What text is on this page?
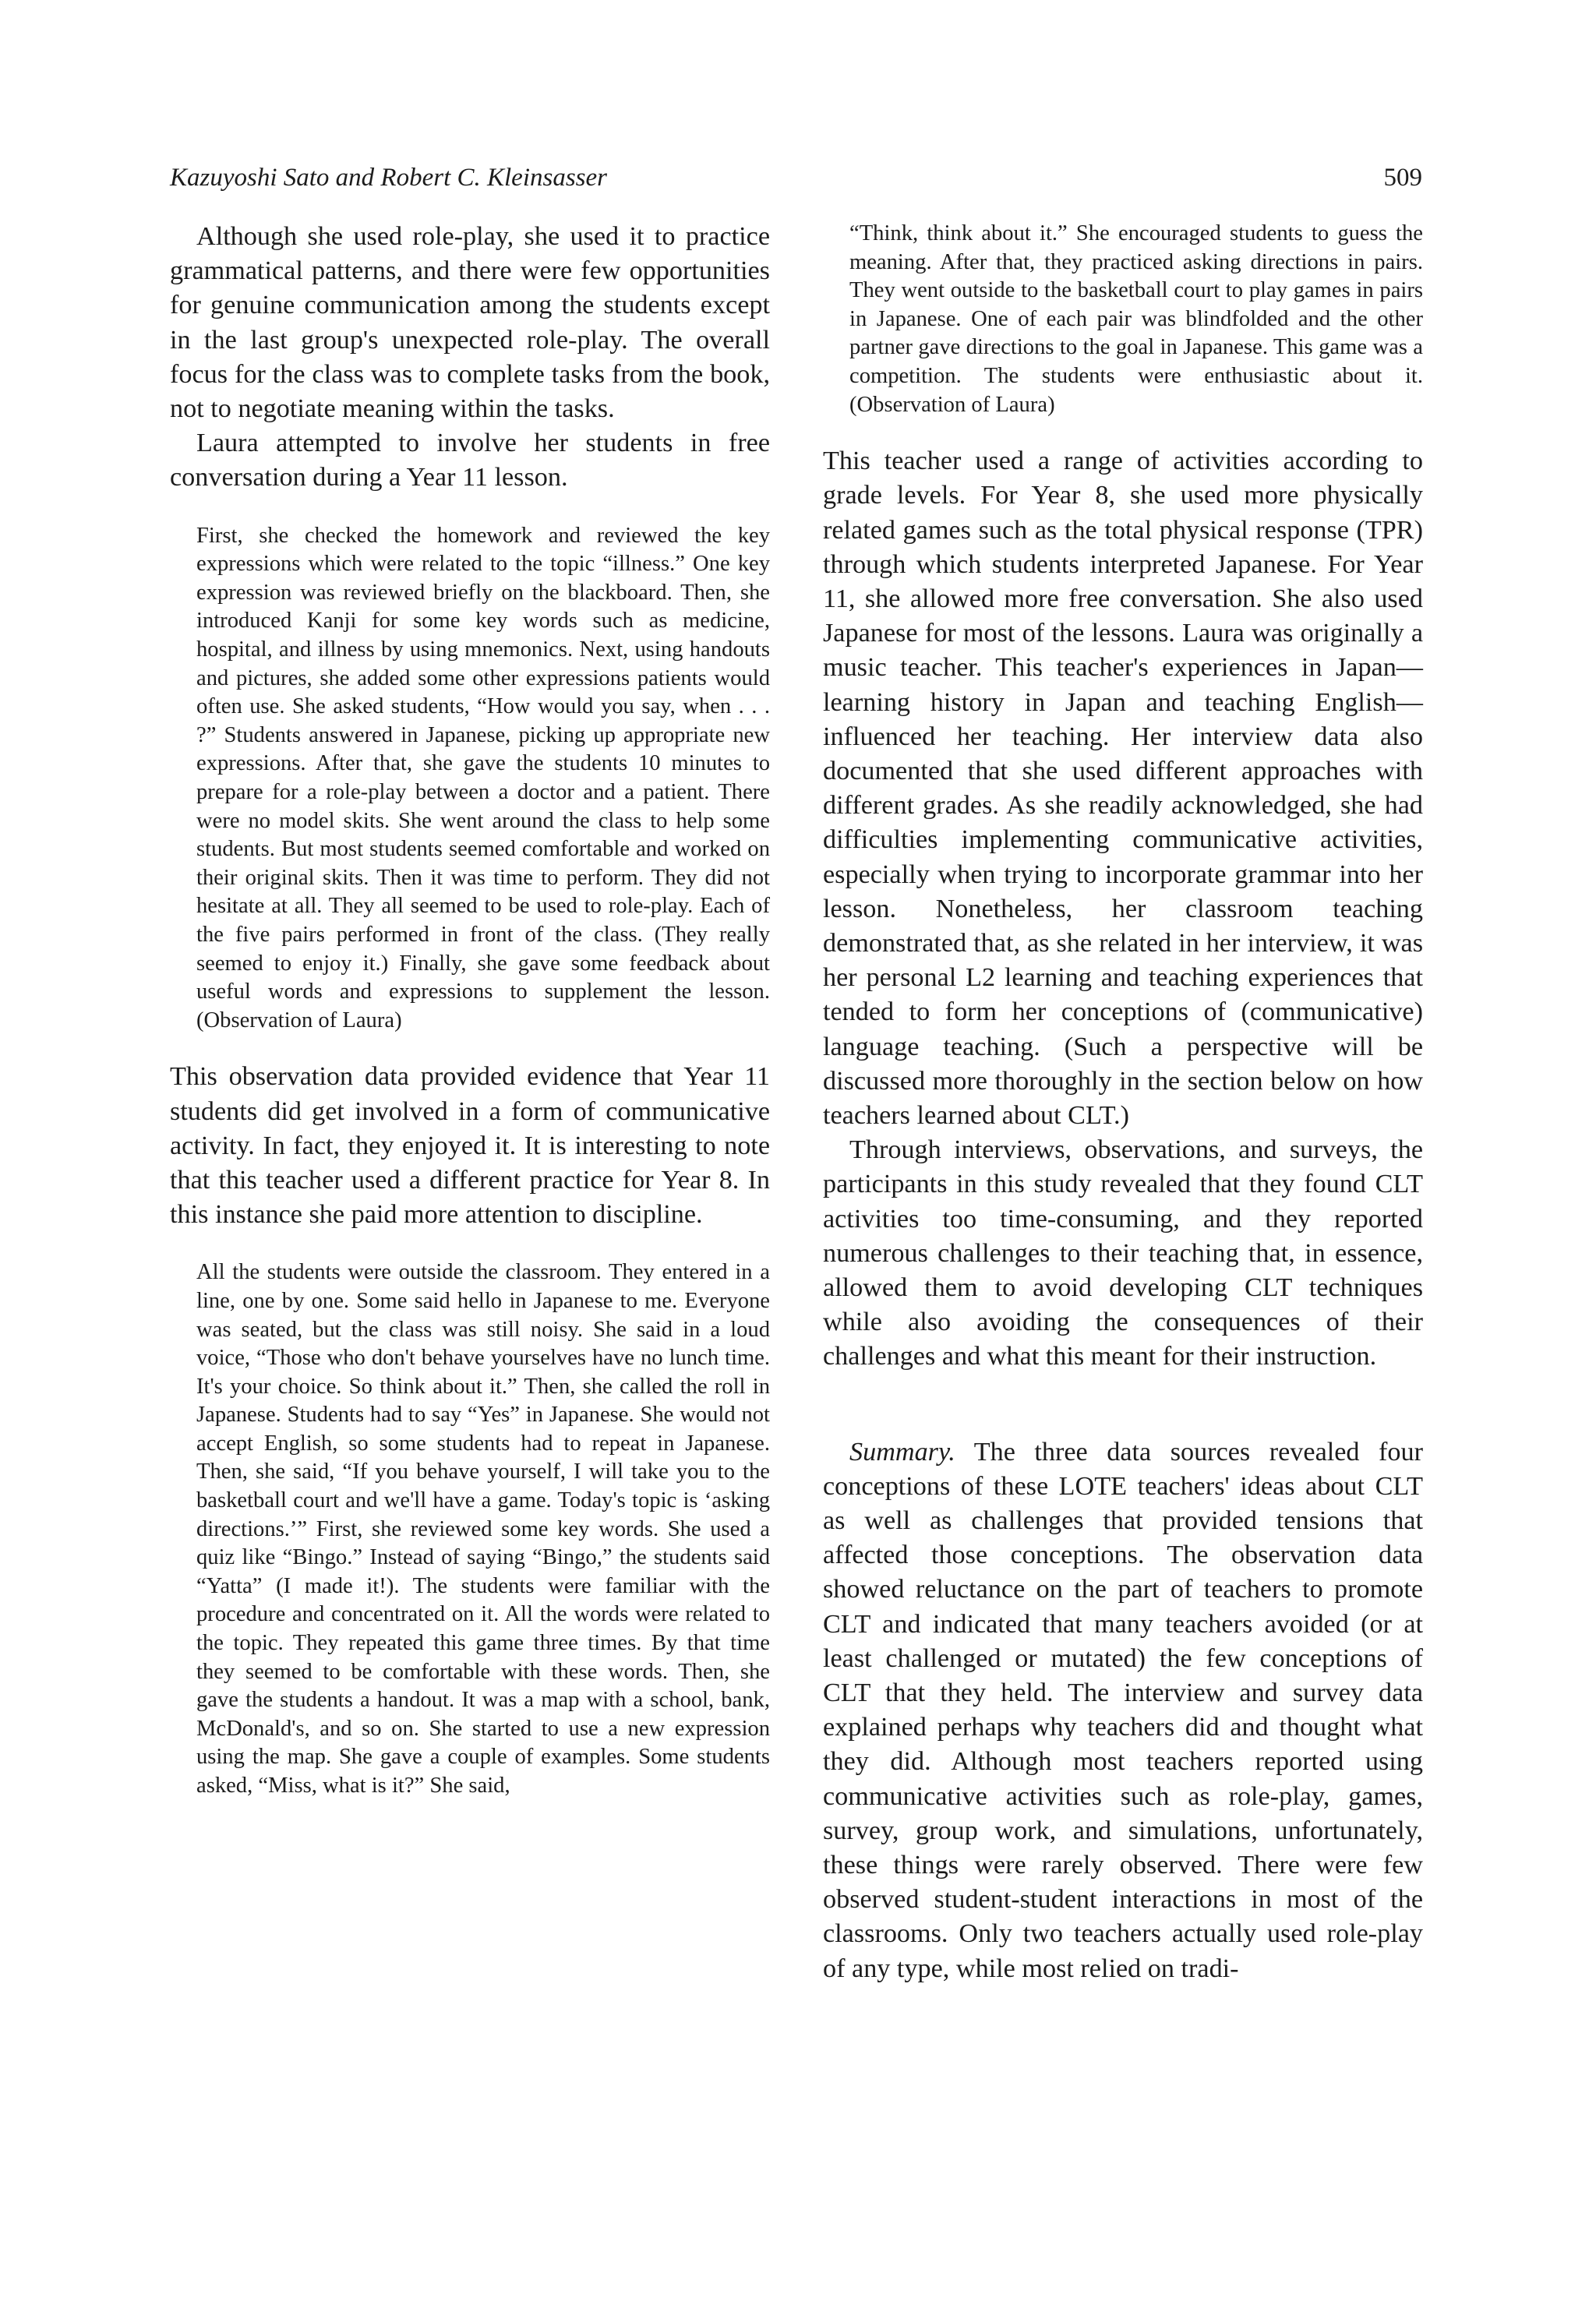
Kazuyoshi Sato and Robert C. Kleinsasser	509

Although she used role-play, she used it to practice grammatical patterns, and there were few opportunities for genuine communication among the students except in the last group's unexpected role-play. The overall focus for the class was to complete tasks from the book, not to negotiate meaning within the tasks.

Laura attempted to involve her students in free conversation during a Year 11 lesson.

First, she checked the homework and reviewed the key expressions which were related to the topic “illness.” One key expression was reviewed briefly on the blackboard. Then, she introduced Kanji for some key words such as medicine, hospital, and illness by using mnemonics. Next, using handouts and pictures, she added some other expressions patients would often use. She asked students, “How would you say, when . . . ?” Students answered in Japanese, picking up appropriate new expressions. After that, she gave the students 10 minutes to prepare for a role-play between a doctor and a patient. There were no model skits. She went around the class to help some students. But most students seemed comfortable and worked on their original skits. Then it was time to perform. They did not hesitate at all. They all seemed to be used to role-play. Each of the five pairs performed in front of the class. (They really seemed to enjoy it.) Finally, she gave some feedback about useful words and expressions to supplement the lesson. (Observation of Laura)

This observation data provided evidence that Year 11 students did get involved in a form of communicative activity. In fact, they enjoyed it. It is interesting to note that this teacher used a different practice for Year 8. In this instance she paid more attention to discipline.

All the students were outside the classroom. They entered in a line, one by one. Some said hello in Japanese to me. Everyone was seated, but the class was still noisy. She said in a loud voice, “Those who don't behave yourselves have no lunch time. It's your choice. So think about it.” Then, she called the roll in Japanese. Students had to say “Yes” in Japanese. She would not accept English, so some students had to repeat in Japanese. Then, she said, “If you behave yourself, I will take you to the basketball court and we'll have a game. Today's topic is ‘asking directions.’” First, she reviewed some key words. She used a quiz like “Bingo.” Instead of saying “Bingo,” the students said “Yatta” (I made it!). The students were familiar with the procedure and concentrated on it. All the words were related to the topic. They repeated this game three times. By that time they seemed to be comfortable with these words. Then, she gave the students a handout. It was a map with a school, bank, McDonald's, and so on. She started to use a new expression using the map. She gave a couple of examples. Some students asked, “Miss, what is it?” She said,

“Think, think about it.” She encouraged students to guess the meaning. After that, they practiced asking directions in pairs. They went outside to the basketball court to play games in pairs in Japanese. One of each pair was blindfolded and the other partner gave directions to the goal in Japanese. This game was a competition. The students were enthusiastic about it. (Observation of Laura)

This teacher used a range of activities according to grade levels. For Year 8, she used more physically related games such as the total physical response (TPR) through which students interpreted Japanese. For Year 11, she allowed more free conversation. She also used Japanese for most of the lessons. Laura was originally a music teacher. This teacher's experiences in Japan—learning history in Japan and teaching English—influenced her teaching. Her interview data also documented that she used different approaches with different grades. As she readily acknowledged, she had difficulties implementing communicative activities, especially when trying to incorporate grammar into her lesson. Nonetheless, her classroom teaching demonstrated that, as she related in her interview, it was her personal L2 learning and teaching experiences that tended to form her conceptions of (communicative) language teaching. (Such a perspective will be discussed more thoroughly in the section below on how teachers learned about CLT.)

Through interviews, observations, and surveys, the participants in this study revealed that they found CLT activities too time-consuming, and they reported numerous challenges to their teaching that, in essence, allowed them to avoid developing CLT techniques while also avoiding the consequences of their challenges and what this meant for their instruction.

Summary. The three data sources revealed four conceptions of these LOTE teachers' ideas about CLT as well as challenges that provided tensions that affected those conceptions. The observation data showed reluctance on the part of teachers to promote CLT and indicated that many teachers avoided (or at least challenged or mutated) the few conceptions of CLT that they held. The interview and survey data explained perhaps why teachers did and thought what they did. Although most teachers reported using communicative activities such as role-play, games, survey, group work, and simulations, unfortunately, these things were rarely observed. There were few observed student-student interactions in most of the classrooms. Only two teachers actually used role-play of any type, while most relied on tradi-
